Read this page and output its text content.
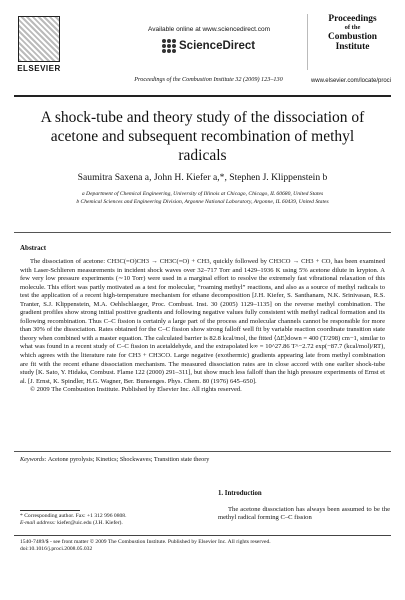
ELSEVIER
Available online at www.sciencedirect.com
ScienceDirect
Proceedings of the Combustion Institute 32 (2009) 123–130
Proceedings
of the
Combustion
Institute
www.elsevier.com/locate/proci
A shock-tube and theory study of the dissociation of acetone and subsequent recombination of methyl radicals
Saumitra Saxena a, John H. Kiefer a,*, Stephen J. Klippenstein b
a Department of Chemical Engineering, University of Illinois at Chicago, Chicago, IL 60680, United States
b Chemical Sciences and Engineering Division, Argonne National Laboratory, Argonne, IL 60439, United States
Abstract

The dissociation of acetone: CH3C(=O)CH3 → CH3C(=O) + CH3, quickly followed by CH3CO → CH3 + CO, has been examined with Laser-Schlieren measurements in incident shock waves over 32–717 Torr and 1429–1936 K using 5% acetone dilute in krypton. A few very low pressure experiments (∼10 Torr) were used in a marginal effort to resolve the extremely fast vibrational relaxation of this molecule. This effort was partly motivated as a test for molecular, “roaming methyl” reactions, and also as a source of methyl radicals to test the application of a recent high-temperature mechanism for ethane decomposition [J.H. Kiefer, S. Santhanam, N.K. Srinivasan, R.S. Tranter, S.J. Klippenstein, M.A. Oehlschlaeger, Proc. Combust. Inst. 30 (2005) 1129–1135] on the reverse methyl combination. The gradient profiles show strong initial positive gradients and following negative values fully consistent with methyl radical formation and its following recombination. Thus C–C fission is certainly a large part of the process and molecular channels cannot be responsible for more than 30% of the dissociation. Rates obtained for the C–C fission show strong falloff well fit by variable reaction coordinate transition state theory when combined with a master equation. The calculated barrier is 82.8 kcal/mol, the fitted ⟨ΔE⟩down = 400 (T/298) cm−1, similar to what was found in a recent study of C–C fission in acetaldehyde, and the extrapolated k∞ = 10^27.86 T^−2.72 exp(−87.7 (kcal/mol)/RT), which agrees with the literature rate for CH3 + CH3CO. Large negative (exothermic) gradients appearing late from methyl combination are fit with the recent ethane dissociation mechanism. The measured dissociation rates are in close accord with one earlier shock-tube study [K. Sato, Y. Hidaka, Combust. Flame 122 (2000) 291–311], but show much less falloff than the high pressure experiments of Ernst et al. [J. Ernst, K. Spindler, H.G. Wagner, Ber. Bunsenges. Phys. Chem. 80 (1976) 645–650].

© 2009 The Combustion Institute. Published by Elsevier Inc. All rights reserved.

Keywords: Acetone pyrolysis; Kinetics; Shockwaves; Transition state theory
1. Introduction
The acetone dissociation has always been assumed to be the methyl radical forming C–C fission
* Corresponding author. Fax: +1 312 996 0808.
E-mail address: kiefer@uic.edu (J.H. Kiefer).
1540-7489/$ - see front matter © 2009 The Combustion Institute. Published by Elsevier Inc. All rights reserved.
doi:10.1016/j.proci.2008.05.032
